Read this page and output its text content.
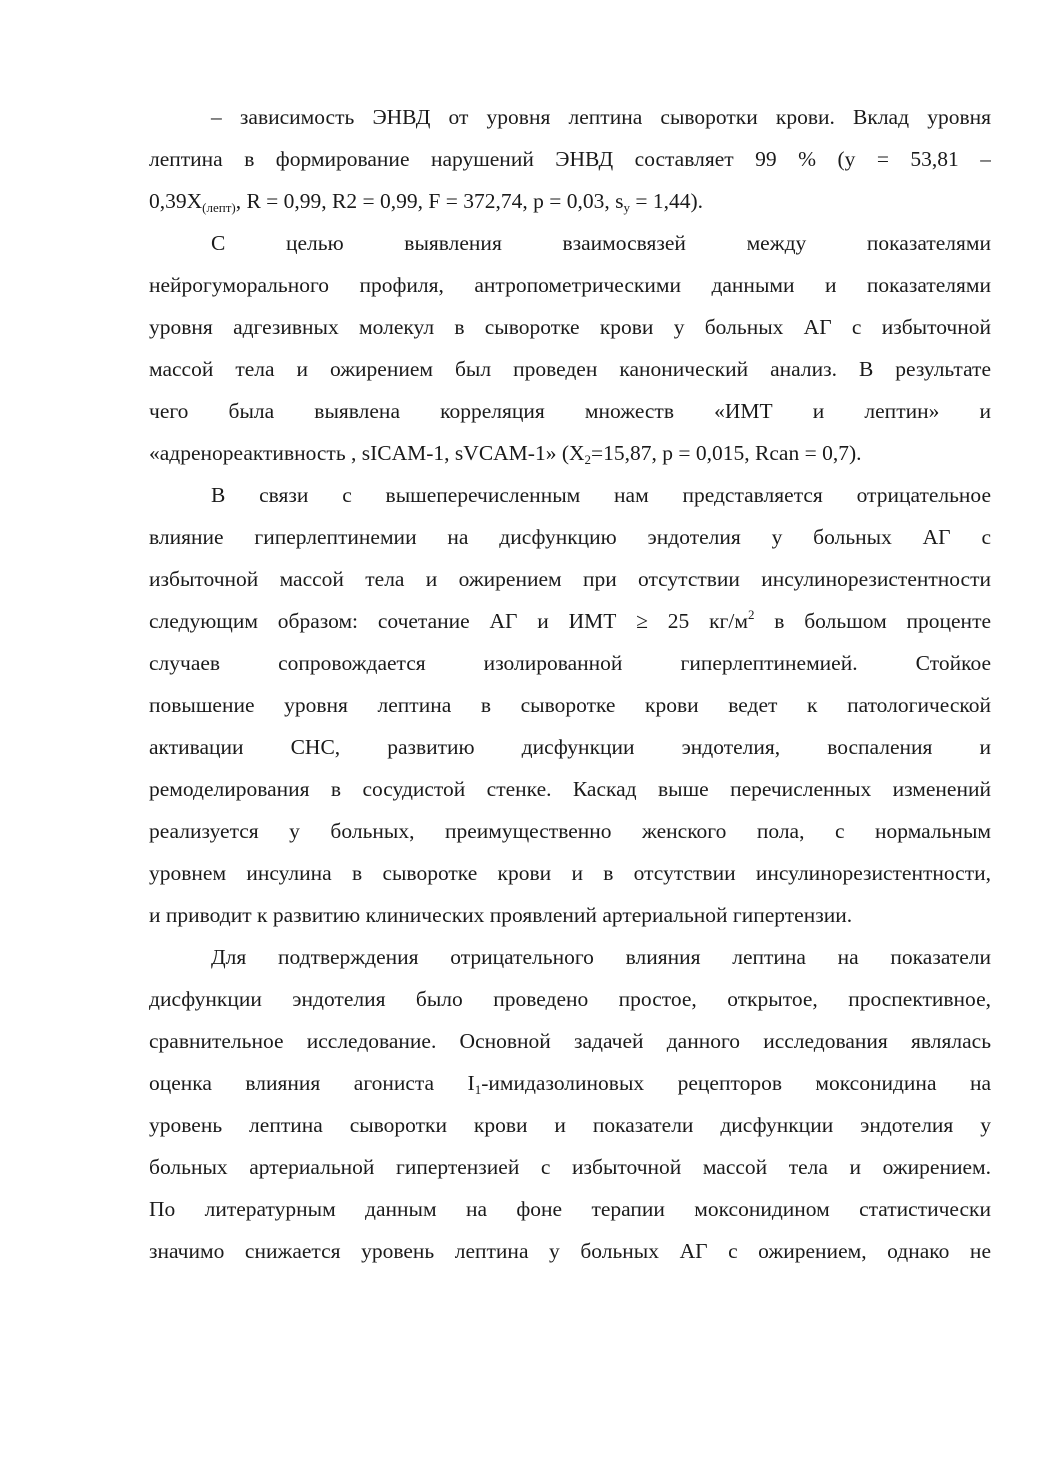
– зависимость ЭНВД от уровня лептина сыворотки крови. Вклад уровня
лептина в формирование нарушений ЭНВД составляет 99 % (y = 53,81 –
$0,39X_{(лепт)}$, R = 0,99, R2 = 0,99, F = 372,74, p = 0,03, $s_y = 1,44$).
С целью выявления взаимосвязей между показателями
нейрогуморального профиля, антропометрическими данными и показателями
уровня адгезивных молекул в сыворотке крови у больных АГ с избыточной
массой тела и ожирением был проведен канонический анализ. В результате
чего была выявлена корреляция множеств «ИМТ и лептин» и
«адренореактивность , sICAM-1, sVCAM-1» ($X_2=15,87$, p = 0,015, Rcan = 0,7).
В связи с вышеперечисленным нам представляется отрицательное
влияние гиперлептинемии на дисфункцию эндотелия у больных АГ с
избыточной массой тела и ожирением при отсутствии инсулинорезистентности
следующим образом: сочетание АГ и ИМТ ≥ 25 $кг/м^2$ в большом проценте
случаев сопровождается изолированной гиперлептинемией. Стойкое
повышение уровня лептина в сыворотке крови ведет к патологической
активации СНС, развитию дисфункции эндотелия, воспаления и
ремоделирования в сосудистой стенке. Каскад выше перечисленных изменений
реализуется у больных, преимущественно женского пола, с нормальным
уровнем инсулина в сыворотке крови и в отсутствии инсулинорезистентности,
и приводит к развитию клинических проявлений артериальной гипертензии.
Для подтверждения отрицательного влияния лептина на показатели
дисфункции эндотелия было проведено простое, открытое, проспективное,
сравнительное исследование. Основной задачей данного исследования являлась
оценка влияния агониста $I_1$-имидазолиновых рецепторов моксонидина на
уровень лептина сыворотки крови и показатели дисфункции эндотелия у
больных артериальной гипертензией с избыточной массой тела и ожирением.
По литературным данным на фоне терапии моксонидином статистически
значимо снижается уровень лептина у больных АГ с ожирением, однако не
